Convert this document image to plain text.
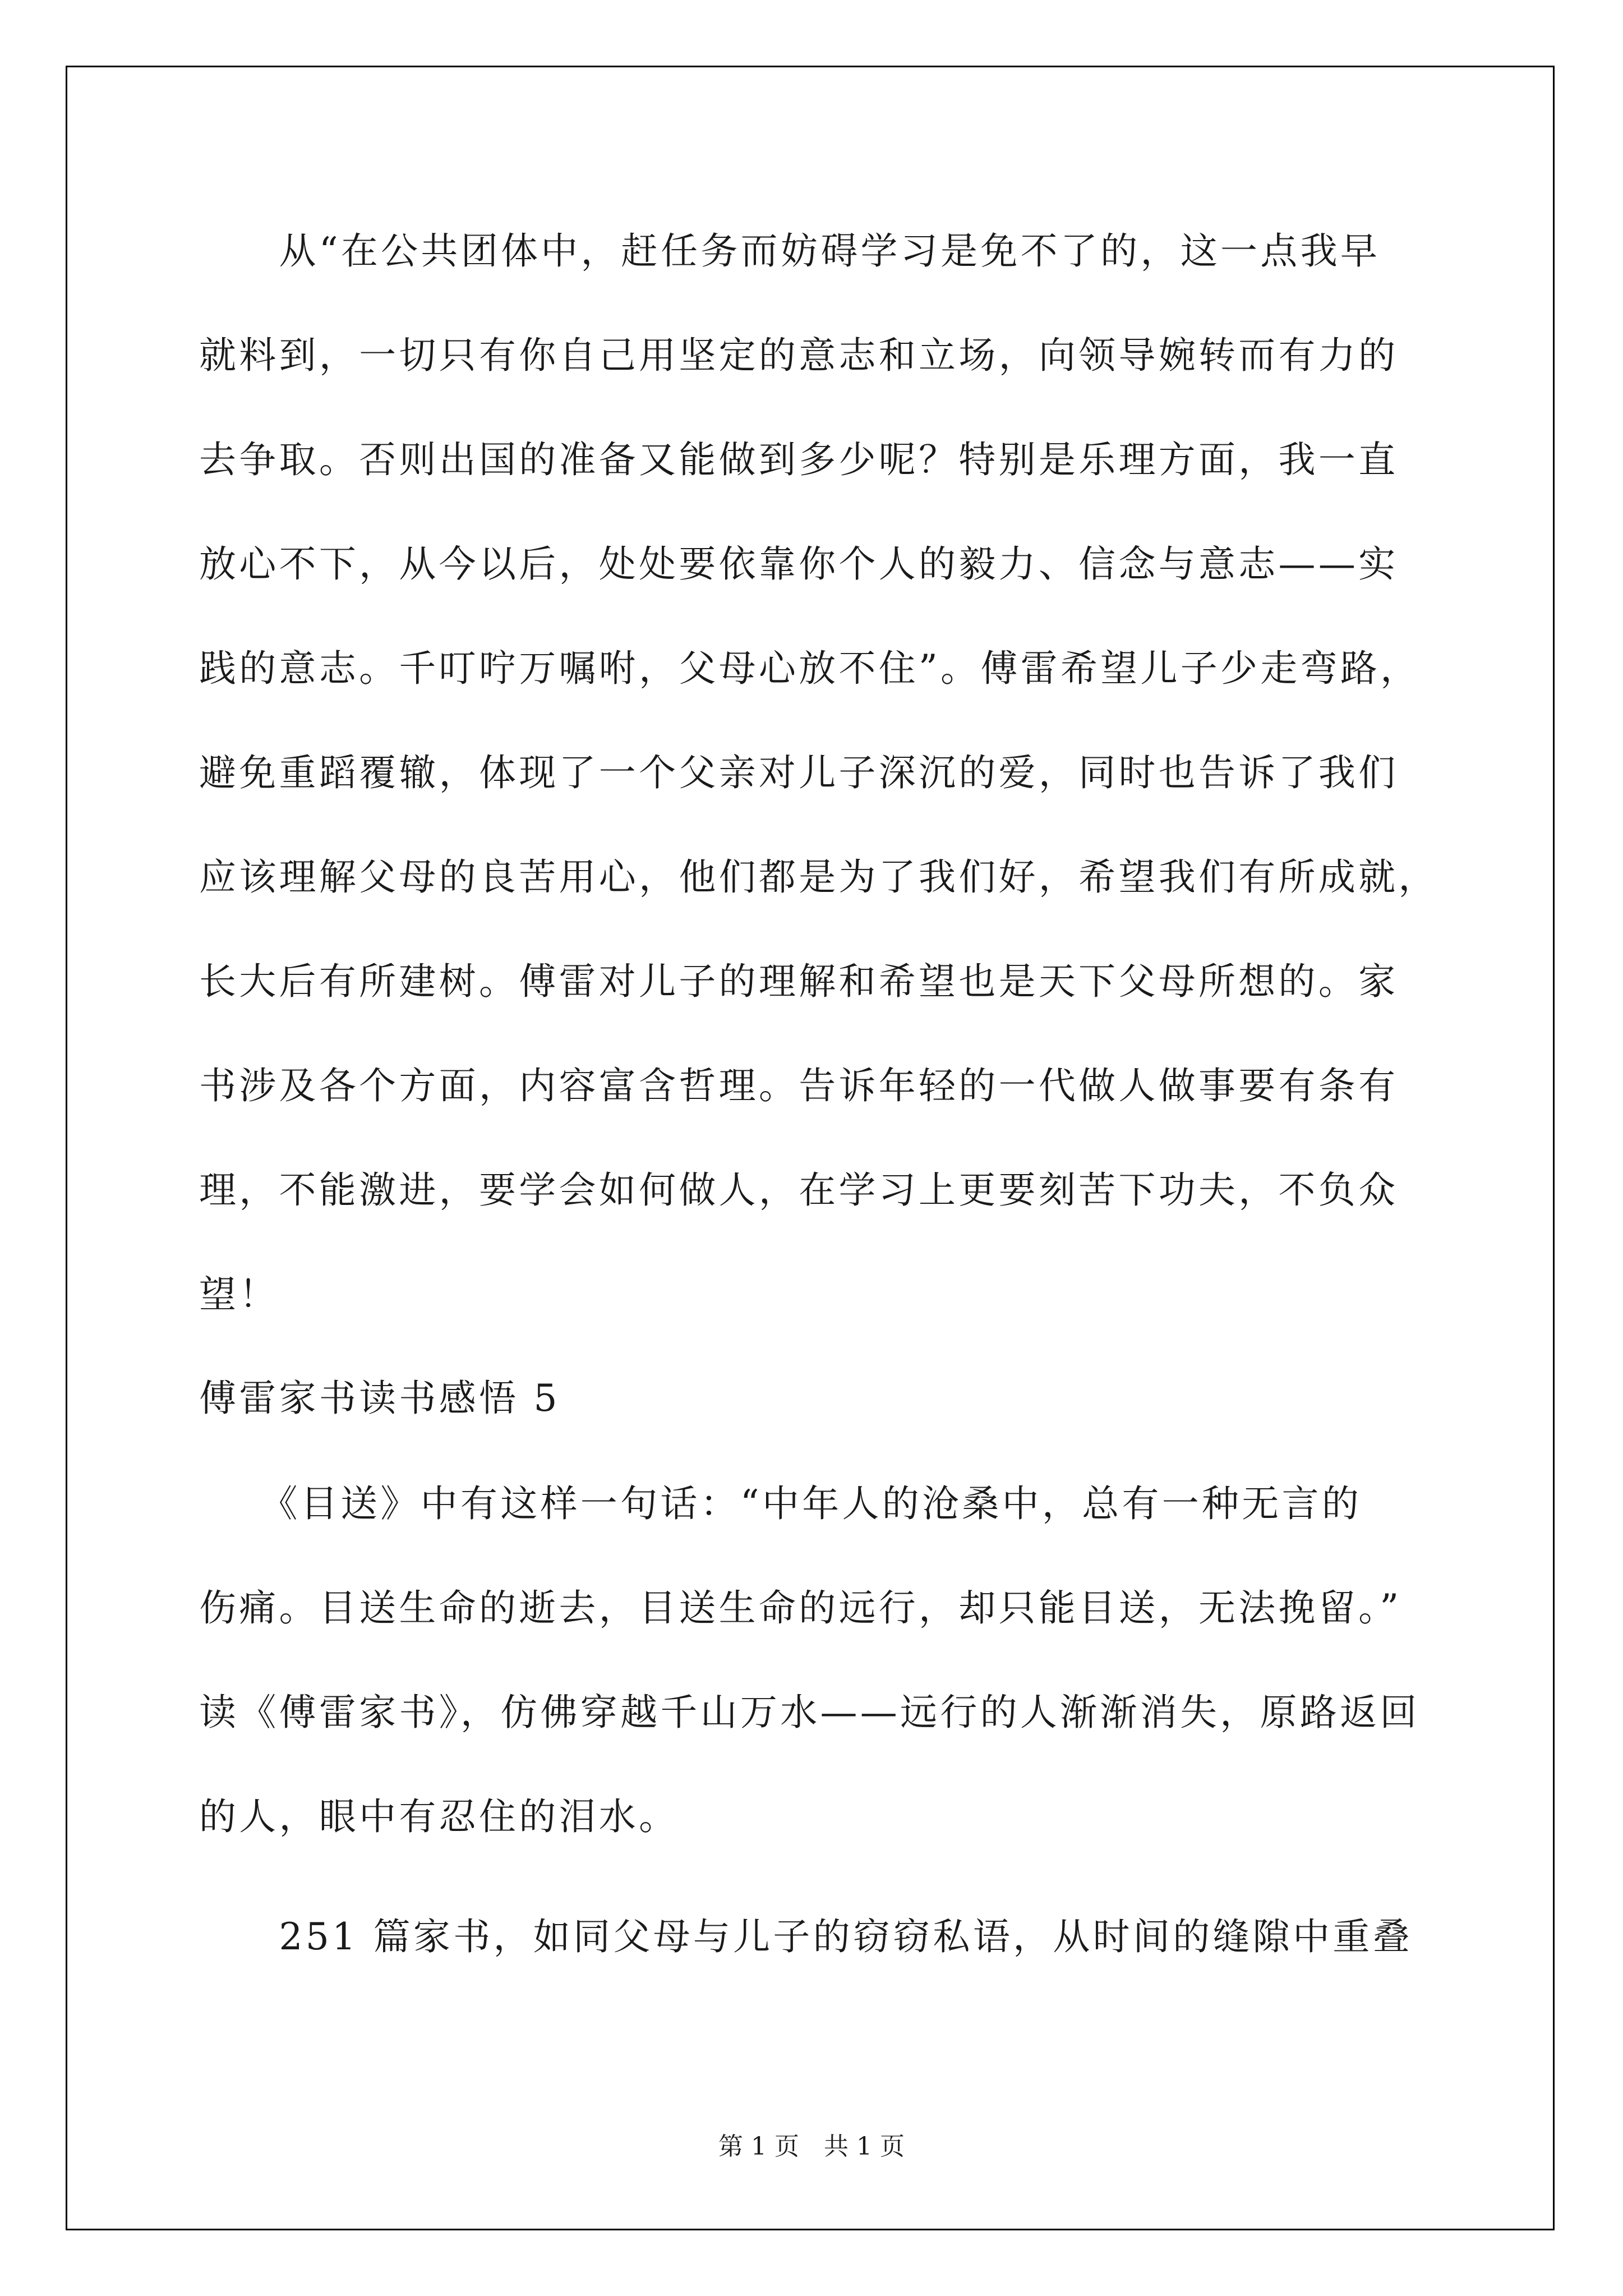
　　从“在公共团体中，赶任务而妨碍学习是免不了的，这一点我早
就料到，一切只有你自己用坚定的意志和立场，向领导婉转而有力的
去争取。否则出国的准备又能做到多少呢？特别是乐理方面，我一直
放心不下，从今以后，处处要依靠你个人的毅力、信念与意志——实
践的意志。千叮咛万嘱咐，父母心放不住”。傅雷希望儿子少走弯路，
避免重蹈覆辙，体现了一个父亲对儿子深沉的爱，同时也告诉了我们
应该理解父母的良苦用心，他们都是为了我们好，希望我们有所成就，
长大后有所建树。傅雷对儿子的理解和希望也是天下父母所想的。家
书涉及各个方面，内容富含哲理。告诉年轻的一代做人做事要有条有
理，不能激进，要学会如何做人，在学习上更要刻苦下功夫，不负众
望！
傅雷家书读书感悟 5
　　《目送》中有这样一句话：“中年人的沧桑中，总有一种无言的
伤痛。目送生命的逝去，目送生命的远行，却只能目送，无法挽留。”
读《傅雷家书》，仿佛穿越千山万水——远行的人渐渐消失，原路返回
的人，眼中有忍住的泪水。
　　251 篇家书，如同父母与儿子的窃窃私语，从时间的缝隙中重叠

第 1 页　共 1 页
